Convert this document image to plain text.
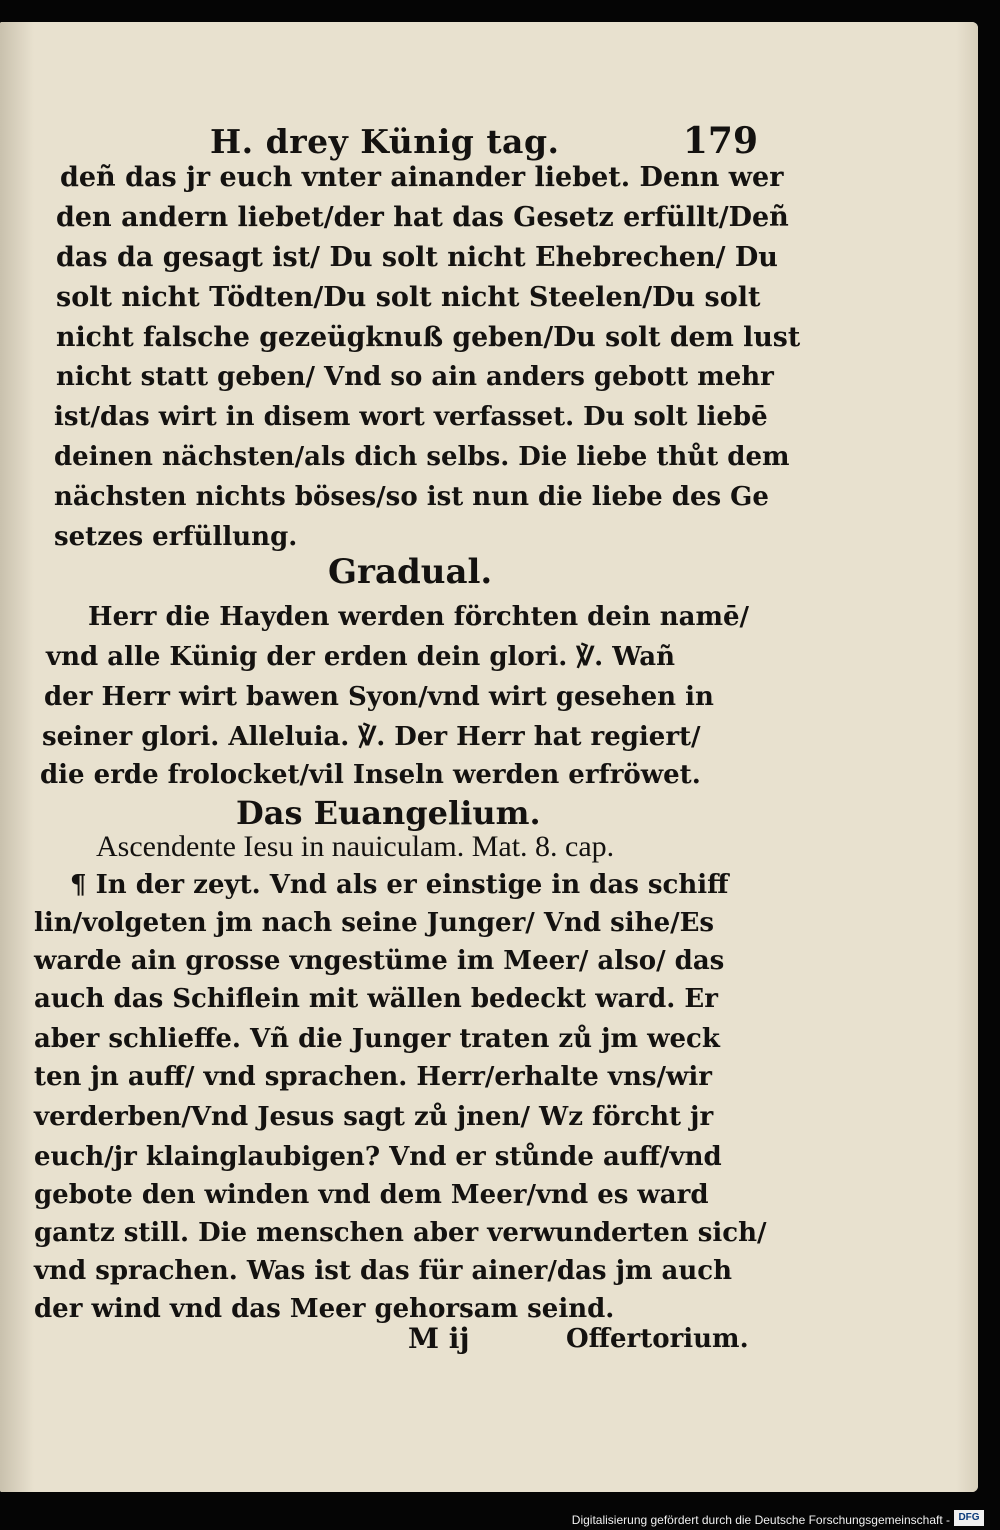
H. drey Künig tag.	179
deñ das jr euch vnter ainander liebet. Denn wer
den andern liebet/der hat das Gesetz erfüllt/Deñ
das da gesagt ist/ Du solt nicht Ehebrechen/ Du
solt nicht Tödten/Du solt nicht Steelen/Du solt
nicht falsche gezeügknuß geben/Du solt dem lust
nicht statt geben/ Vnd so ain anders gebott mehr
ist/das wirt in disem wort verfasset. Du solt liebē
deinen nächsten/als dich selbs. Die liebe thůt dem
nächsten nichts böses/so ist nun die liebe des Ge
setzes erfüllung.
Gradual.
Herr die Hayden werden förchten dein namē/
vnd alle Künig der erden dein glori. ℣. Wañ
der Herr wirt bawen Syon/vnd wirt gesehen in
seiner glori. Alleluia. ℣. Der Herr hat regiert/
die erde frolocket/vil Inseln werden erfröwet.
Das Euangelium.
Ascendente Iesu in nauiculam. Mat. 8. cap.
¶ In der zeyt. Vnd als er einstige in das schiff
lin/volgeten jm nach seine Junger/ Vnd sihe/Es
warde ain grosse vngestüme im Meer/ also/ das
auch das Schiflein mit wällen bedeckt ward. Er
aber schlieffe. Vñ die Junger traten zů jm weck
ten jn auff/ vnd sprachen. Herr/erhalte vns/wir
verderben/Vnd Jesus sagt zů jnen/ Wz förcht jr
euch/jr klainglaubigen? Vnd er stůnde auff/vnd
gebote den winden vnd dem Meer/vnd es ward
gantz still. Die menschen aber verwunderten sich/
vnd sprachen. Was ist das für ainer/das jm auch
der wind vnd das Meer gehorsam seind.
M ij	Offertorium.
Digitalisierung gefördert durch die Deutsche Forschungsgemeinschaft - DFG
